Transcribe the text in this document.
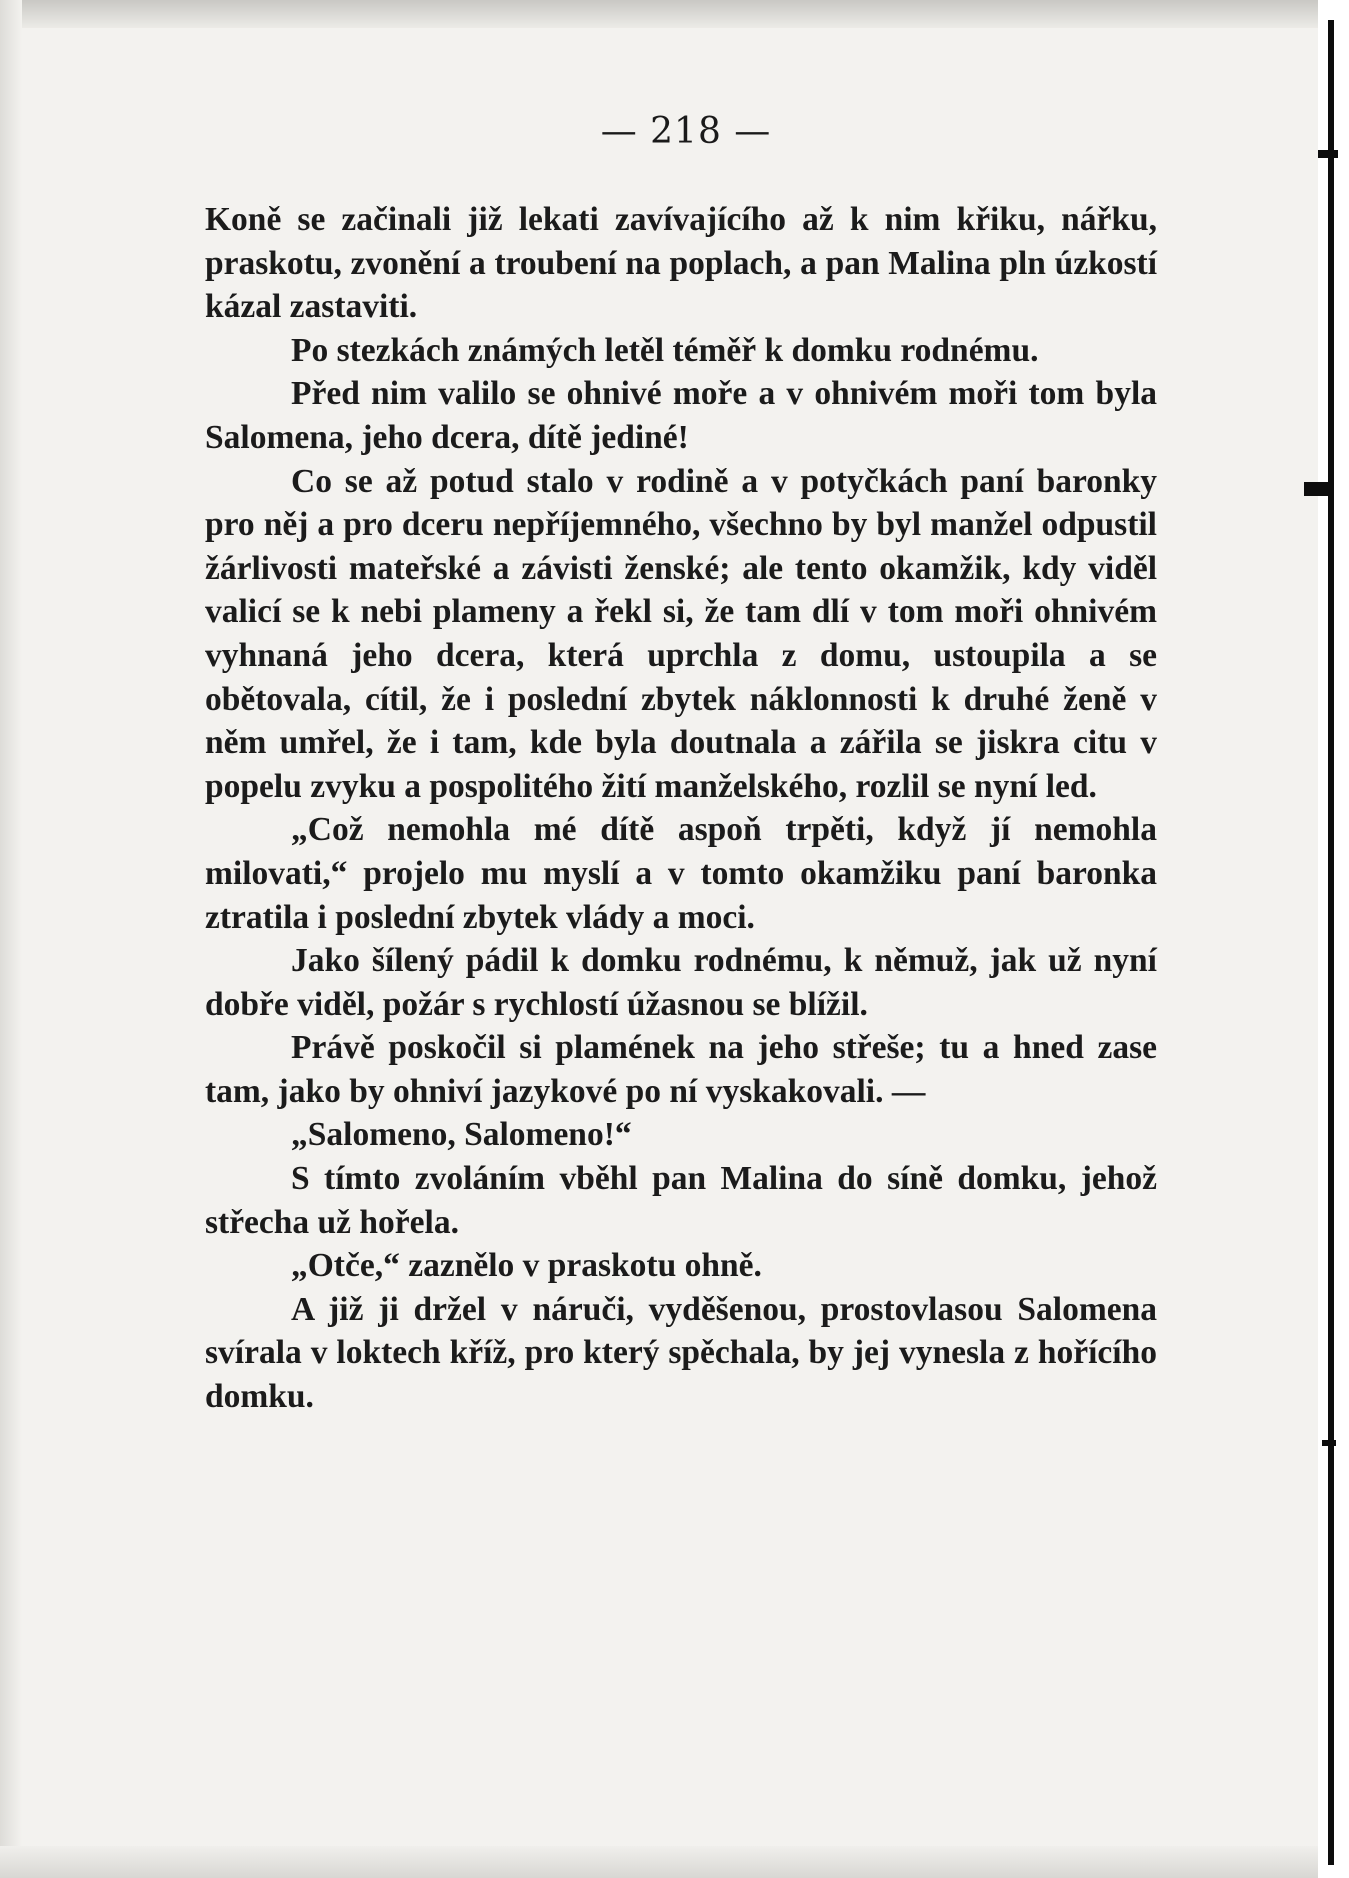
— 218 —

Koně se začinali již lekati zavívajícího až k nim křiku, nářku, praskotu, zvonění a troubení na poplach, a pan Malina pln úzkostí kázal zastaviti.

Po stezkách známých letěl téměř k domku rodnému.

Před nim valilo se ohnivé moře a v ohnivém moři tom byla Salomena, jeho dcera, dítě jediné!

Co se až potud stalo v rodině a v potyčkách paní baronky pro něj a pro dceru nepříjemného, všechno by byl manžel odpustil žárlivosti mateřské a závisti ženské; ale tento okamžik, kdy viděl valicí se k nebi plameny a řekl si, že tam dlí v tom moři ohnivém vyhnaná jeho dcera, která uprchla z domu, ustoupila a se obětovala, cítil, že i poslední zbytek náklonnosti k druhé ženě v něm umřel, že i tam, kde byla doutnala a zářila se jiskra citu v popelu zvyku a pospolitého žití manželského, rozlil se nyní led.

„Což nemohla mé dítě aspoň trpěti, když jí nemohla milovati,“ projelo mu myslí a v tomto okamžiku paní baronka ztratila i poslední zbytek vlády a moci.

Jako šílený pádil k domku rodnému, k němuž, jak už nyní dobře viděl, požár s rychlostí úžasnou se blížil.

Právě poskočil si plamének na jeho střeše; tu a hned zase tam, jako by ohniví jazykové po ní vyskakovali. —

„Salomeno, Salomeno!“

S tímto zvoláním vběhl pan Malina do síně domku, jehož střecha už hořela.

„Otče,“ zaznělo v praskotu ohně.

A již ji držel v náruči, vyděšenou, prostovlasou Salomena svírala v loktech kříž, pro který spěchala, by jej vynesla z hořícího domku.
